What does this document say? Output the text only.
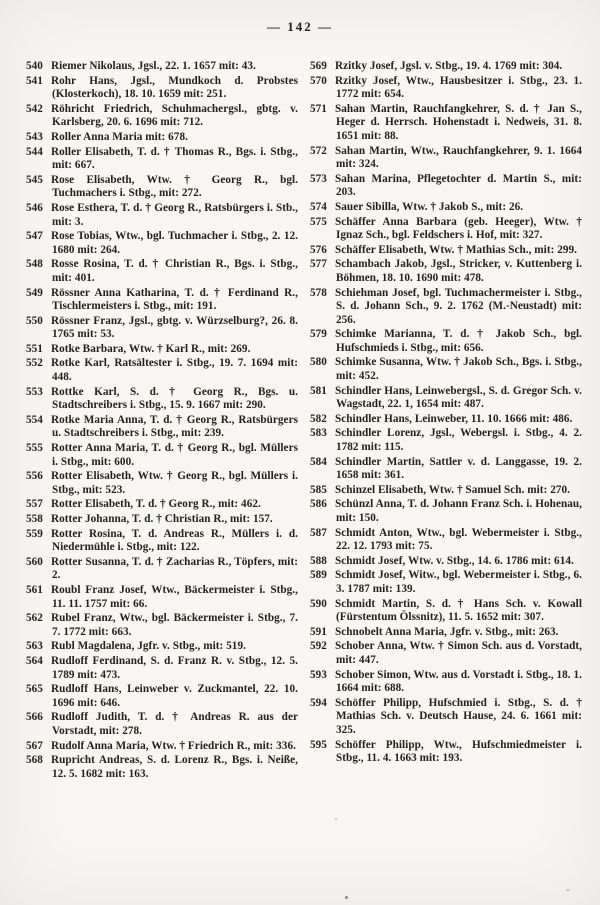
— 142 —
540 Riemer Nikolaus, Jgsl., 22. 1. 1657 mit: 43.
541 Rohr Hans, Jgsl., Mundkoch d. Probstes (Klosterkoch), 18. 10. 1659 mit: 251.
542 Röhricht Friedrich, Schuhmachergsl., gbtg. v. Karlsberg, 20. 6. 1696 mit: 712.
543 Roller Anna Maria mit: 678.
544 Roller Elisabeth, T. d. † Thomas R., Bgs. i. Stbg., mit: 667.
545 Rose Elisabeth, Wtw. † Georg R., bgl. Tuchmachers i. Stbg., mit: 272.
546 Rose Esthera, T. d. † Georg R., Ratsbürgers i. Stb., mit: 3.
547 Rose Tobias, Wtw., bgl. Tuchmacher i. Stbg., 2. 12. 1680 mit: 264.
548 Rosse Rosina, T. d. † Christian R., Bgs. i. Stbg., mit: 401.
549 Rössner Anna Katharina, T. d. † Ferdinand R., Tischlermeisters i. Stbg., mit: 191.
550 Rössner Franz, Jgsl., gbtg. v. Würzselburg?, 26. 8. 1765 mit: 53.
551 Rotke Barbara, Wtw. † Karl R., mit: 269.
552 Rotke Karl, Ratsältester i. Stbg., 19. 7. 1694 mit: 448.
553 Rottke Karl, S. d. † Georg R., Bgs. u. Stadtschreibers i. Stbg., 15. 9. 1667 mit: 290.
554 Rotke Maria Anna, T. d. † Georg R., Ratsbürgers u. Stadtschreibers i. Stbg., mit: 239.
555 Rotter Anna Maria, T. d. † Georg R., bgl. Müllers i. Stbg., mit: 600.
556 Rotter Elisabeth, Wtw. † Georg R., bgl. Müllers i. Stbg., mit: 523.
557 Rotter Elisabeth, T. d. † Georg R., mit: 462.
558 Rotter Johanna, T. d. † Christian R., mit: 157.
559 Rotter Rosina, T. d. Andreas R., Müllers i. d. Niedermühle i. Stbg., mit: 122.
560 Rotter Susanna, T. d. † Zacharias R., Töpfers, mit: 2.
561 Roubl Franz Josef, Wtw., Bäckermeister i. Stbg., 11. 11. 1757 mit: 66.
562 Rubel Franz, Wtw., bgl. Bäckermeister i. Stbg., 7. 7. 1772 mit: 663.
563 Rubl Magdalena, Jgfr. v. Stbg., mit: 519.
564 Rudloff Ferdinand, S. d. Franz R. v. Stbg., 12. 5. 1789 mit: 473.
565 Rudloff Hans, Leinweber v. Zuckmantel, 22. 10. 1696 mit: 646.
566 Rudloff Judith, T. d. † Andreas R. aus der Vorstadt, mit: 278.
567 Rudolf Anna Maria, Wtw. † Friedrich R., mit: 336.
568 Rupricht Andreas, S. d. Lorenz R., Bgs. i. Neiße, 12. 5. 1682 mit: 163.
569 Rzitky Josef, Jgsl. v. Stbg., 19. 4. 1769 mit: 304.
570 Rzitky Josef, Wtw., Hausbesitzer i. Stbg., 23. 1. 1772 mit: 654.
571 Sahan Martin, Rauchfangkehrer, S. d. † Jan S., Heger d. Herrsch. Hohenstadt i. Nedweis, 31. 8. 1651 mit: 88.
572 Sahan Martin, Wtw., Rauchfangkehrer, 9. 1. 1664 mit: 324.
573 Sahan Marina, Pflegetochter d. Martin S., mit: 203.
574 Sauer Sibilla, Wtw. † Jakob S., mit: 26.
575 Schäffer Anna Barbara (geb. Heeger), Wtw. † Ignaz Sch., bgl. Feldschers i. Hof, mit: 327.
576 Schäffer Elisabeth, Wtw. † Mathias Sch., mit: 299.
577 Schambach Jakob, Jgsl., Stricker, v. Kuttenberg i. Böhmen, 18. 10. 1690 mit: 478.
578 Schiehman Josef, bgl. Tuchmachermeister i. Stbg., S. d. Johann Sch., 9. 2. 1762 (M.-Neustadt) mit: 256.
579 Schimke Marianna, T. d. † Jakob Sch., bgl. Hufschmieds i. Stbg., mit: 656.
580 Schimke Susanna, Wtw. † Jakob Sch., Bgs. i. Stbg., mit: 452.
581 Schindler Hans, Leinwebergsl., S. d. Gregor Sch. v. Wagstadt, 22. 1, 1654 mit: 487.
582 Schindler Hans, Leinweber, 11. 10. 1666 mit: 486.
583 Schindler Lorenz, Jgsl., Webergsl. i. Stbg., 4. 2. 1782 mit: 115.
584 Schindler Martin, Sattler v. d. Langgasse, 19. 2. 1658 mit: 361.
585 Schinzel Elisabeth, Wtw. † Samuel Sch. mit: 270.
586 Schünzl Anna, T. d. Johann Franz Sch. i. Hohenau, mit: 150.
587 Schmidt Anton, Wtw., bgl. Webermeister i. Stbg., 22. 12. 1793 mit: 75.
588 Schmidt Josef, Wtw. v. Stbg., 14. 6. 1786 mit: 614.
589 Schmidt Josef, Witw., bgl. Webermeister i. Stbg., 6. 3. 1787 mit: 139.
590 Schmidt Martin, S. d. † Hans Sch. v. Kowall (Fürstentum Ölssnitz), 11. 5. 1652 mit: 307.
591 Schnobelt Anna Maria, Jgfr. v. Stbg., mit: 263.
592 Schober Anna, Wtw. † Simon Sch. aus d. Vorstadt, mit: 447.
593 Schober Simon, Wtw. aus d. Vorstadt i. Stbg., 18. 1. 1664 mit: 688.
594 Schöffer Philipp, Hufschmied i. Stbg., S. d. † Mathias Sch. v. Deutsch Hause, 24. 6. 1661 mit: 325.
595 Schöffer Philipp, Wtw., Hufschmiedmeister i. Stbg., 11. 4. 1663 mit: 193.
